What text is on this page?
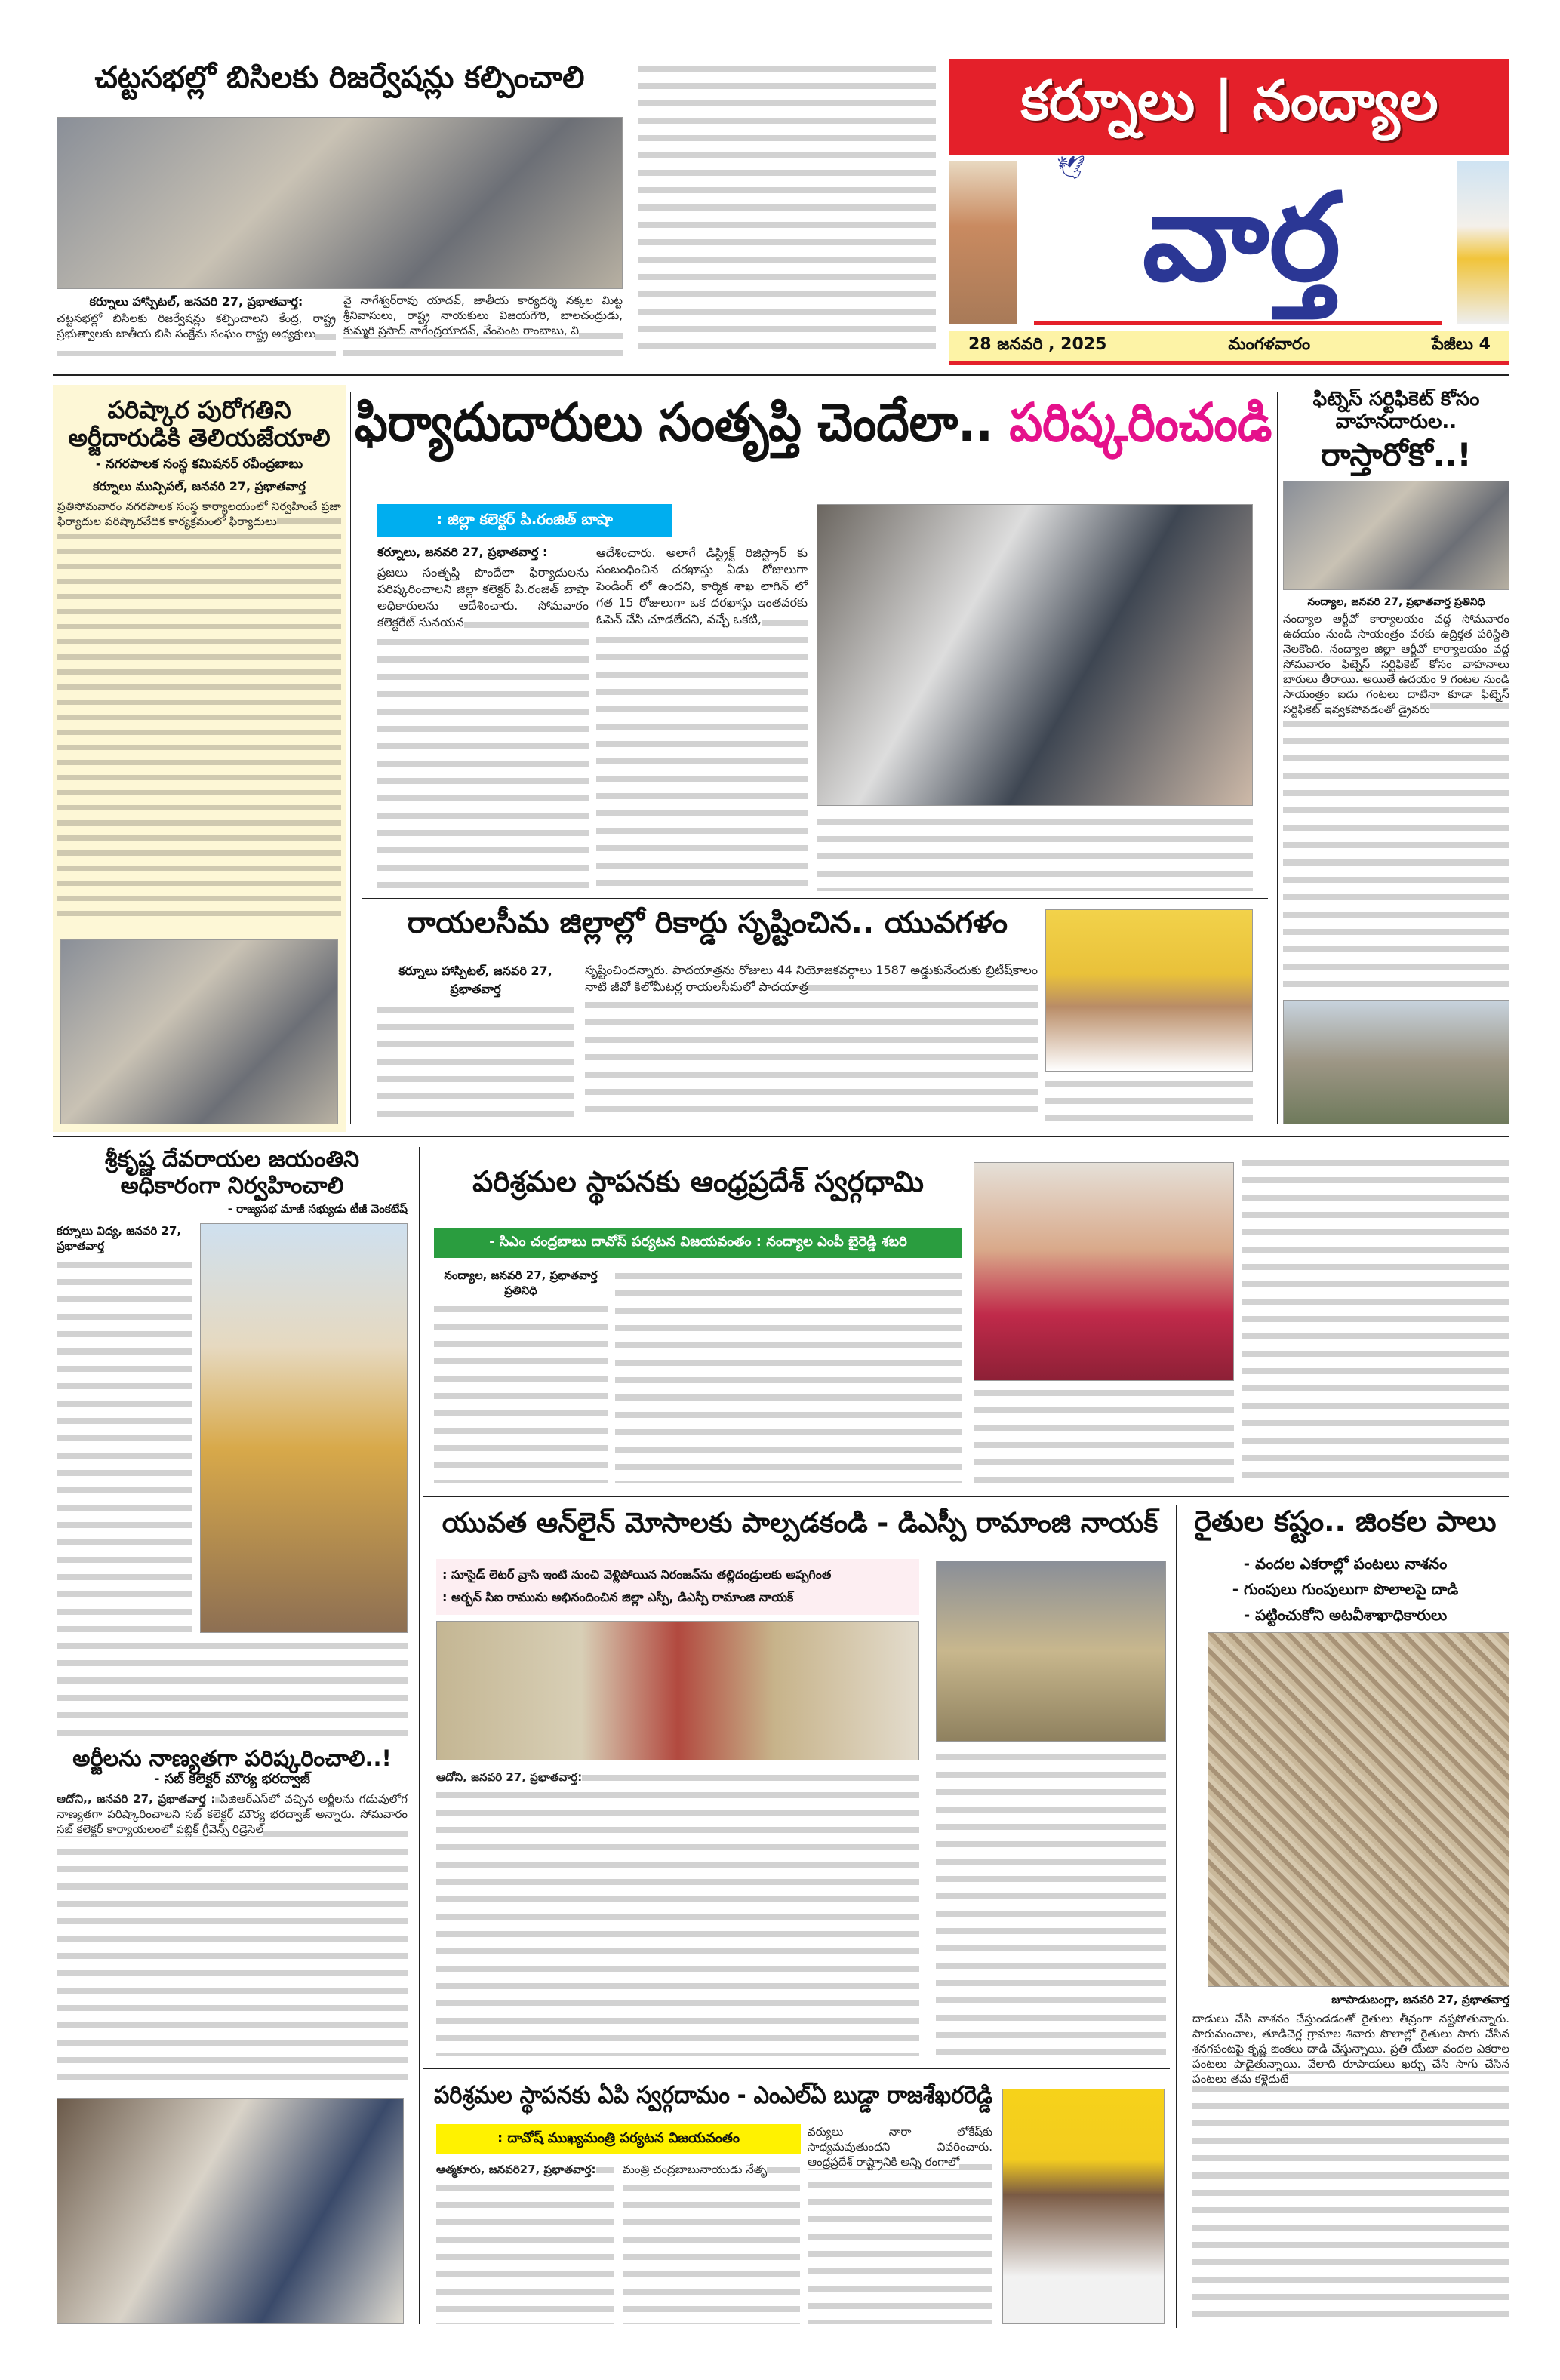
చట్టసభల్లో బిసిలకు రిజర్వేషన్లు కల్పించాలి
కర్నూలు హాస్పిటల్, జనవరి 27, ప్రభాతవార్త:
చట్టసభల్లో బిసిలకు రిజర్వేషన్లు కల్పించాలని కేంద్ర, రాష్ట్ర ప్రభుత్వాలకు జాతీయ బిసి సంక్షేమ సంఘం రాష్ట్ర అధ్యక్షులు
వై నాగేశ్వర్‌రావు యాదవ్, జాతీయ కార్యదర్శి నక్కల మిట్ట శ్రీనివాసులు, రాష్ట్ర నాయకులు విజయగౌరి, బాలచంద్రుడు, కుమ్మరి ప్రసాద్ నాగేంద్రయాదవ్, వేంపెంట రాంబాబు, వి
కర్నూలు | నంద్యాల
🕊 వార్త
28 జనవరి , 2025	మంగళవారం	పేజీలు 4
పరిష్కార పురోగతిని అర్జీదారుడికి తెలియజేయాలి
- నగరపాలక సంస్థ కమిషనర్ రవీంద్రబాబు
కర్నూలు మున్సిపల్, జనవరి 27, ప్రభాతవార్త
ప్రతిసోమవారం నగరపాలక సంస్థ కార్యాలయంలో నిర్వహించే ప్రజా ఫిర్యాదుల పరిష్కారవేదిక కార్యక్రమంలో ఫిర్యాదులు
ఫిర్యాదుదారులు సంతృప్తి చెందేలా.. పరిష్కరించండి
: జిల్లా కలెక్టర్ పి.రంజిత్ బాషా
కర్నూలు, జనవరి 27, ప్రభాతవార్త :
ప్రజలు సంతృప్తి పొందేలా ఫిర్యాదులను పరిష్కరించాలని జిల్లా కలెక్టర్ పి.రంజిత్ బాషా అధికారులను ఆదేశించారు. సోమవారం కలెక్టరేట్ సునయన
ఆదేశించారు. అలాగే డిస్ట్రిక్ట్ రిజిస్ట్రార్ కు సంబంధించిన దరఖాస్తు ఏడు రోజులుగా పెండింగ్ లో ఉందని, కార్మిక శాఖ లాగిన్ లో గత 15 రోజులుగా ఒక దరఖాస్తు ఇంతవరకు ఓపెన్ చేసి చూడలేదని, వచ్చే ఒకటి,
ఫిట్నెస్ సర్టిఫికెట్ కోసం వాహనదారుల..
రాస్తారోకో..!
నంద్యాల, జనవరి 27, ప్రభాతవార్త ప్రతినిధి
నంద్యాల ఆర్టీవో కార్యాలయం వద్ద సోమవారం ఉదయం నుండి సాయంత్రం వరకు ఉద్రిక్తత పరిస్థితి నెలకొంది. నంద్యాల జిల్లా ఆర్టీవో కార్యాలయం వద్ద సోమవారం ఫిట్నెస్ సర్టిఫికెట్ కోసం వాహనాలు బారులు తీరాయి. అయితే ఉదయం 9 గంటల నుండి సాయంత్రం ఐదు గంటలు దాటినా కూడా ఫిట్నెస్ సర్టిఫికెట్ ఇవ్వకపోవడంతో డ్రైవరు
రాయలసీమ జిల్లాల్లో రికార్డు సృష్టించిన.. యువగళం
కర్నూలు హాస్పిటల్, జనవరి 27, ప్రభాతవార్త
సృష్టించిందన్నారు. పాదయాత్రను రోజులు 44 నియోజకవర్గాలు 1587 అడ్డుకునేందుకు బ్రిటీష్‌కాలం నాటి జీవో కిలోమీటర్ల రాయలసీమలో పాదయాత్ర
శ్రీకృష్ణ దేవరాయల జయంతిని అధికారంగా నిర్వహించాలి
- రాజ్యసభ మాజీ సభ్యుడు టీజీ వెంకటేష్
కర్నూలు విద్య, జనవరి 27, ప్రభాతవార్త
అర్జీలను నాణ్యతగా పరిష్కరించాలి..!
- సబ్ కలెక్టర్ మౌర్య భరద్వాజ్
ఆదోని,, జనవరి 27, ప్రభాతవార్త : పిజిఆర్ఎస్‌లో వచ్చిన అర్జీలను గడువులోగ నాణ్యతగా పరిష్కారించాలని సబ్ కలెక్టర్ మౌర్య భరద్వాజ్ అన్నారు. సోమవారం సబ్ కలెక్టర్ కార్యాయలంలో పబ్లిక్ గ్రీవెన్స్ రిడ్రెసెల్
పరిశ్రమల స్థాపనకు ఆంధ్రప్రదేశ్ స్వర్గధామి
- సిఎం చంద్రబాబు దావోస్ పర్యటన విజయవంతం : నంద్యాల ఎంపీ బైరెడ్డి శబరి
నంద్యాల, జనవరి 27, ప్రభాతవార్త ప్రతినిధి
యువత ఆన్‌లైన్ మోసాలకు పాల్పడకండి - డిఎస్పీ రామాంజి నాయక్
: సూసైడ్ లెటర్ వ్రాసి ఇంటి నుంచి వెళ్లిపోయిన నిరంజన్‌ను తల్లిదండ్రులకు అప్పగింత
: అర్బన్ సిఐ రామును అభినందించిన జిల్లా ఎస్పీ, డిఎస్పీ రామాంజి నాయక్
ఆదోని, జనవరి 27, ప్రభాతవార్త:
రైతుల కష్టం.. జింకల పాలు
- వందల ఎకరాల్లో పంటలు నాశనం
- గుంపులు గుంపులుగా పొలాలపై దాడి
- పట్టించుకోని అటవీశాఖాధికారులు
జూపాడుబంగ్లా, జనవరి 27, ప్రభాతవార్త
దాడులు చేసి నాశనం చేస్తుండడంతో రైతులు తీవ్రంగా నష్టపోతున్నారు. పారుమంచాల, తూడిచెర్ల గ్రామాల శివారు పొలాల్లో రైతులు సాగు చేసిన శనగపంటపై కృష్ణ జింకలు దాడి చేస్తున్నాయి. ప్రతి యేటా వందల ఎకరాల పంటలు పాడైతున్నాయి. వేలాది రూపాయలు ఖర్చు చేసి సాగు చేసిన పంటలు తమ కళ్లెదుటే
పరిశ్రమల స్థాపనకు ఏపి స్వర్గదామం - ఎంఎల్ఏ బుడ్డా రాజశేఖరరెడ్డి
: దావోష్ ముఖ్యమంత్రి పర్యటన విజయవంతం
ఆత్మకూరు, జనవరి27, ప్రభాతవార్త:	మంత్రి చంద్రబాబునాయుడు నేతృ
వర్యులు నారా లోకేష్‌కు సాధ్యమవుతుందని వివరించారు. ఆంధ్రప్రదేశ్ రాష్ట్రానికి అన్ని రంగాలో
